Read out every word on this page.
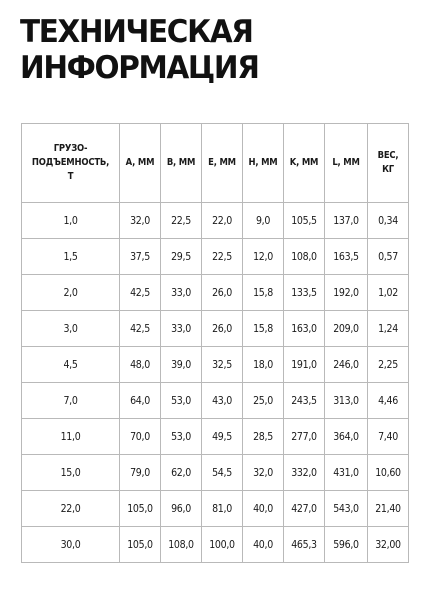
ТЕХНИЧЕСКАЯ
ИНФОРМАЦИЯ
ГРУЗО-
ПОДЪЕМНОСТЬ,
Т	A, ММ	B, ММ	E, ММ	H, ММ	K, ММ	L, ММ	ВЕС,
КГ
1,0	32,0	22,5	22,0	9,0	105,5	137,0	0,34
1,5	37,5	29,5	22,5	12,0	108,0	163,5	0,57
2,0	42,5	33,0	26,0	15,8	133,5	192,0	1,02
3,0	42,5	33,0	26,0	15,8	163,0	209,0	1,24
4,5	48,0	39,0	32,5	18,0	191,0	246,0	2,25
7,0	64,0	53,0	43,0	25,0	243,5	313,0	4,46
11,0	70,0	53,0	49,5	28,5	277,0	364,0	7,40
15,0	79,0	62,0	54,5	32,0	332,0	431,0	10,60
22,0	105,0	96,0	81,0	40,0	427,0	543,0	21,40
30,0	105,0	108,0	100,0	40,0	465,3	596,0	32,00
